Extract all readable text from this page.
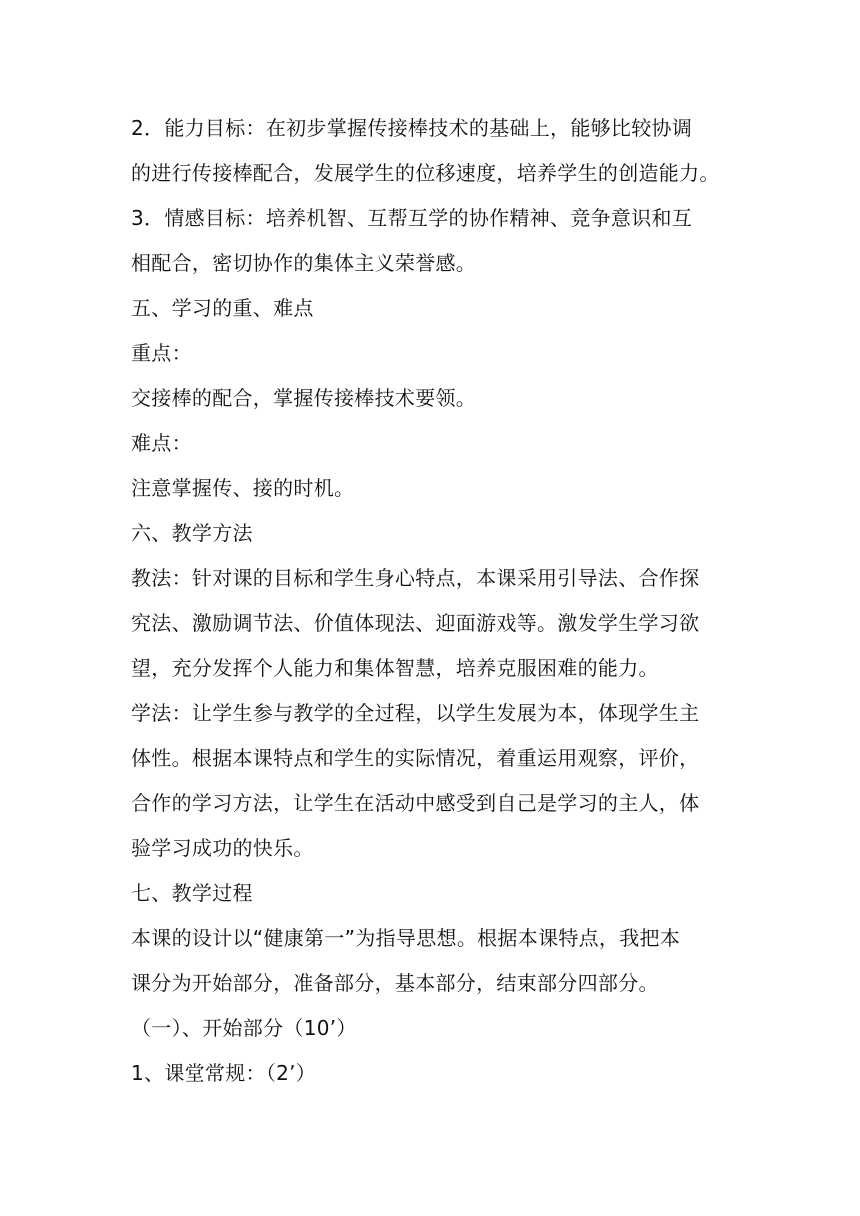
2．能力目标：在初步掌握传接棒技术的基础上，能够比较协调

的进行传接棒配合，发展学生的位移速度，培养学生的创造能力。

3．情感目标：培养机智、互帮互学的协作精神、竞争意识和互

相配合，密切协作的集体主义荣誉感。

五、学习的重、难点

重点：

交接棒的配合，掌握传接棒技术要领。

难点：

注意掌握传、接的时机。

六、教学方法

教法：针对课的目标和学生身心特点，本课采用引导法、合作探

究法、激励调节法、价值体现法、迎面游戏等。激发学生学习欲

望，充分发挥个人能力和集体智慧，培养克服困难的能力。

学法：让学生参与教学的全过程，以学生发展为本，体现学生主

体性。根据本课特点和学生的实际情况，着重运用观察，评价，

合作的学习方法，让学生在活动中感受到自己是学习的主人，体

验学习成功的快乐。

七、教学过程

本课的设计以“健康第一”为指导思想。根据本课特点，我把本

课分为开始部分，准备部分，基本部分，结束部分四部分。

（一）、开始部分（10’）

1、课堂常规：（2’）
